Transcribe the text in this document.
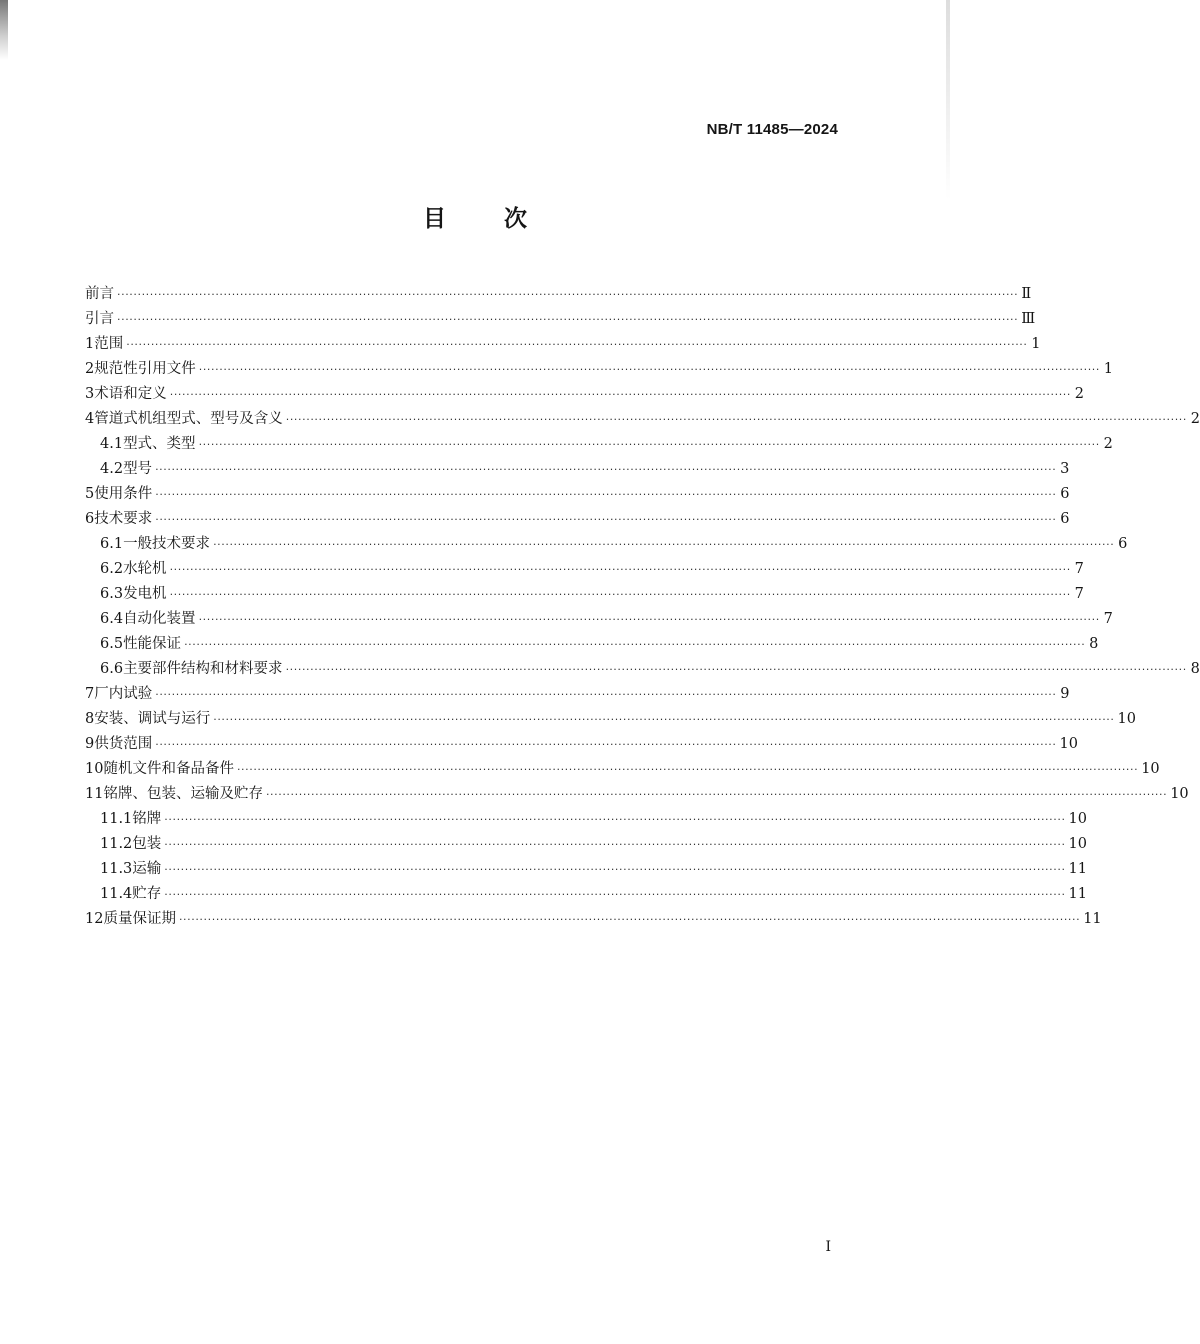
NB/T 11485—2024
目	次
前言 ···························································································································································································································· Ⅱ
引言 ···························································································································································································································· Ⅲ
1 范围 ···························································································································································································································· 1
2 规范性引用文件 ···························································································································································································································· 1
3 术语和定义 ···························································································································································································································· 2
4 管道式机组型式、型号及含义 ···························································································································································································································· 2
4.1 型式、类型 ···························································································································································································································· 2
4.2 型号 ···························································································································································································································· 3
5 使用条件 ···························································································································································································································· 6
6 技术要求 ···························································································································································································································· 6
6.1 一般技术要求 ···························································································································································································································· 6
6.2 水轮机 ···························································································································································································································· 7
6.3 发电机 ···························································································································································································································· 7
6.4 自动化装置 ···························································································································································································································· 7
6.5 性能保证 ···························································································································································································································· 8
6.6 主要部件结构和材料要求 ···························································································································································································································· 8
7 厂内试验 ···························································································································································································································· 9
8 安装、调试与运行 ···························································································································································································································· 10
9 供货范围 ···························································································································································································································· 10
10 随机文件和备品备件 ···························································································································································································································· 10
11 铭牌、包装、运输及贮存 ···························································································································································································································· 10
11.1 铭牌 ···························································································································································································································· 10
11.2 包装 ···························································································································································································································· 10
11.3 运输 ···························································································································································································································· 11
11.4 贮存 ···························································································································································································································· 11
12 质量保证期 ···························································································································································································································· 11
I
